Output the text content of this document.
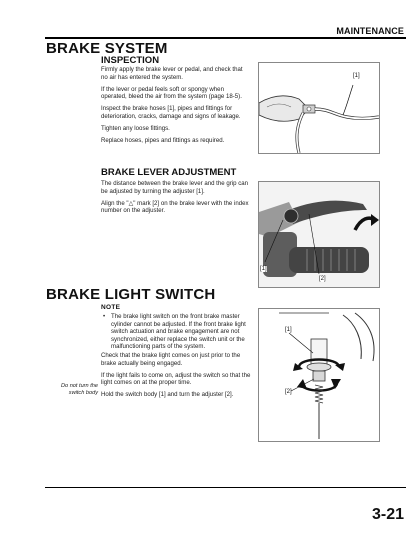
MAINTENANCE
BRAKE SYSTEM
INSPECTION

Firmly apply the brake lever or pedal, and check that no air has entered the system.

If the lever or pedal feels soft or spongy when operated, bleed the air from the system (page 18-5).

Inspect the brake hoses [1], pipes and fittings for deterioration, cracks, damage and signs of leakage.

Tighten any loose fittings.

Replace hoses, pipes and fittings as required.

[1]
BRAKE LEVER ADJUSTMENT

The distance between the brake lever and the grip can be adjusted by turning the adjuster [1].

Align the "△" mark [2] on the brake lever with the index number on the adjuster.

[1]
[2]
BRAKE LIGHT SWITCH
NOTE
• The brake light switch on the front brake master cylinder cannot be adjusted. If the front brake light switch actuation and brake engagement are not synchronized, either replace the switch unit or the malfunctioning parts of the system.

Check that the brake light comes on just prior to the brake actually being engaged.

If the light fails to come on, adjust the switch so that the light comes on at the proper time.

Hold the switch body [1] and turn the adjuster [2].

Do not turn the switch body
[1]
[2]
3-21
